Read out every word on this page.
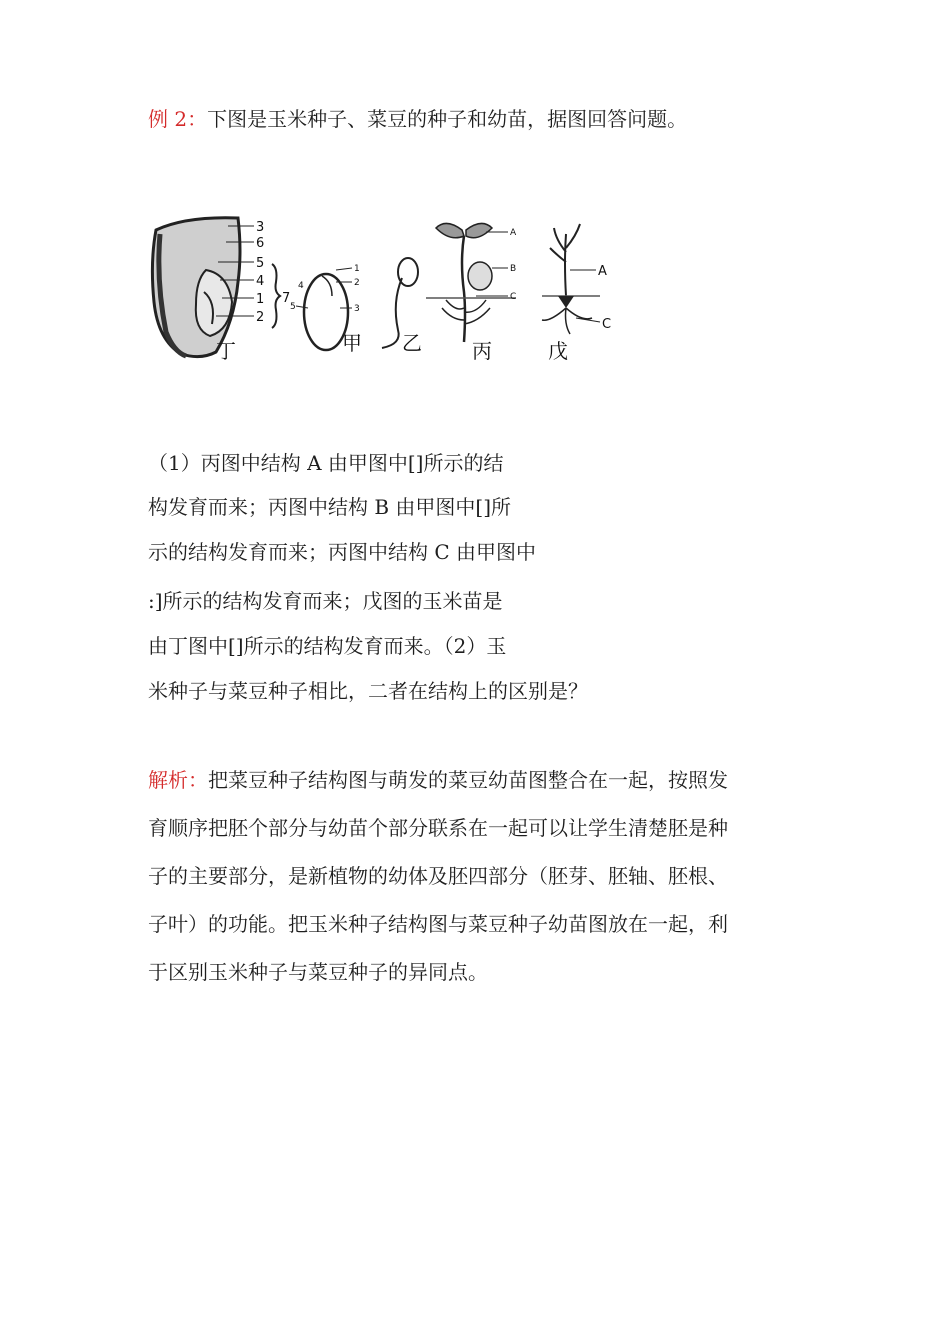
例 2：下图是玉米种子、菜豆的种子和幼苗，据图回答问题。
3
6
5
4
1
2
7
丁
4
5
1
2
3
甲 乙
A
B
C
丙
A
C
戊
（1）丙图中结构 A 由甲图中[]所示的结
构发育而来；丙图中结构 B 由甲图中[]所
示的结构发育而来；丙图中结构 C 由甲图中
:]所示的结构发育而来；戊图的玉米苗是
由丁图中[]所示的结构发育而来。（2）玉
米种子与菜豆种子相比，二者在结构上的区别是？
解析：把菜豆种子结构图与萌发的菜豆幼苗图整合在一起，按照发
育顺序把胚个部分与幼苗个部分联系在一起可以让学生清楚胚是种
子的主要部分，是新植物的幼体及胚四部分（胚芽、胚轴、胚根、
子叶）的功能。把玉米种子结构图与菜豆种子幼苗图放在一起，利
于区别玉米种子与菜豆种子的异同点。
